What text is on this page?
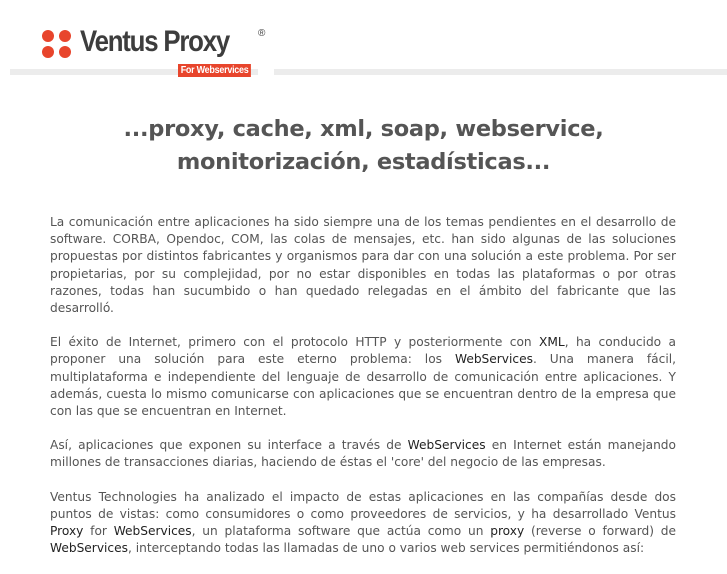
Ventus Proxy	®
For Webservices
...proxy, cache, xml, soap, webservice,
monitorización, estadísticas...

La comunicación entre aplicaciones ha sido siempre una de los temas pendientes en el desarrollo de software. CORBA, Opendoc, COM, las colas de mensajes, etc. han sido algunas de las soluciones propuestas por distintos fabricantes y organismos para dar con una solución a este problema. Por ser propietarias, por su complejidad, por no estar disponibles en todas las plataformas o por otras razones, todas han sucumbido o han quedado relegadas en el ámbito del fabricante que las desarrolló.

El éxito de Internet, primero con el protocolo HTTP y posteriormente con XML, ha conducido a proponer una solución para este eterno problema: los WebServices. Una manera fácil, multiplataforma e independiente del lenguaje de desarrollo de comunicación entre aplicaciones. Y además, cuesta lo mismo comunicarse con aplicaciones que se encuentran dentro de la empresa que con las que se encuentran en Internet.

Así, aplicaciones que exponen su interface a través de WebServices en Internet están manejando millones de transacciones diarias, haciendo de éstas el 'core' del negocio de las empresas.

Ventus Technologies ha analizado el impacto de estas aplicaciones en las compañías desde dos puntos de vistas: como consumidores o como proveedores de servicios, y ha desarrollado Ventus Proxy for WebServices, un plataforma software que actúa como un proxy (reverse o forward) de WebServices, interceptando todas las llamadas de uno o varios web services permitiéndonos así:
